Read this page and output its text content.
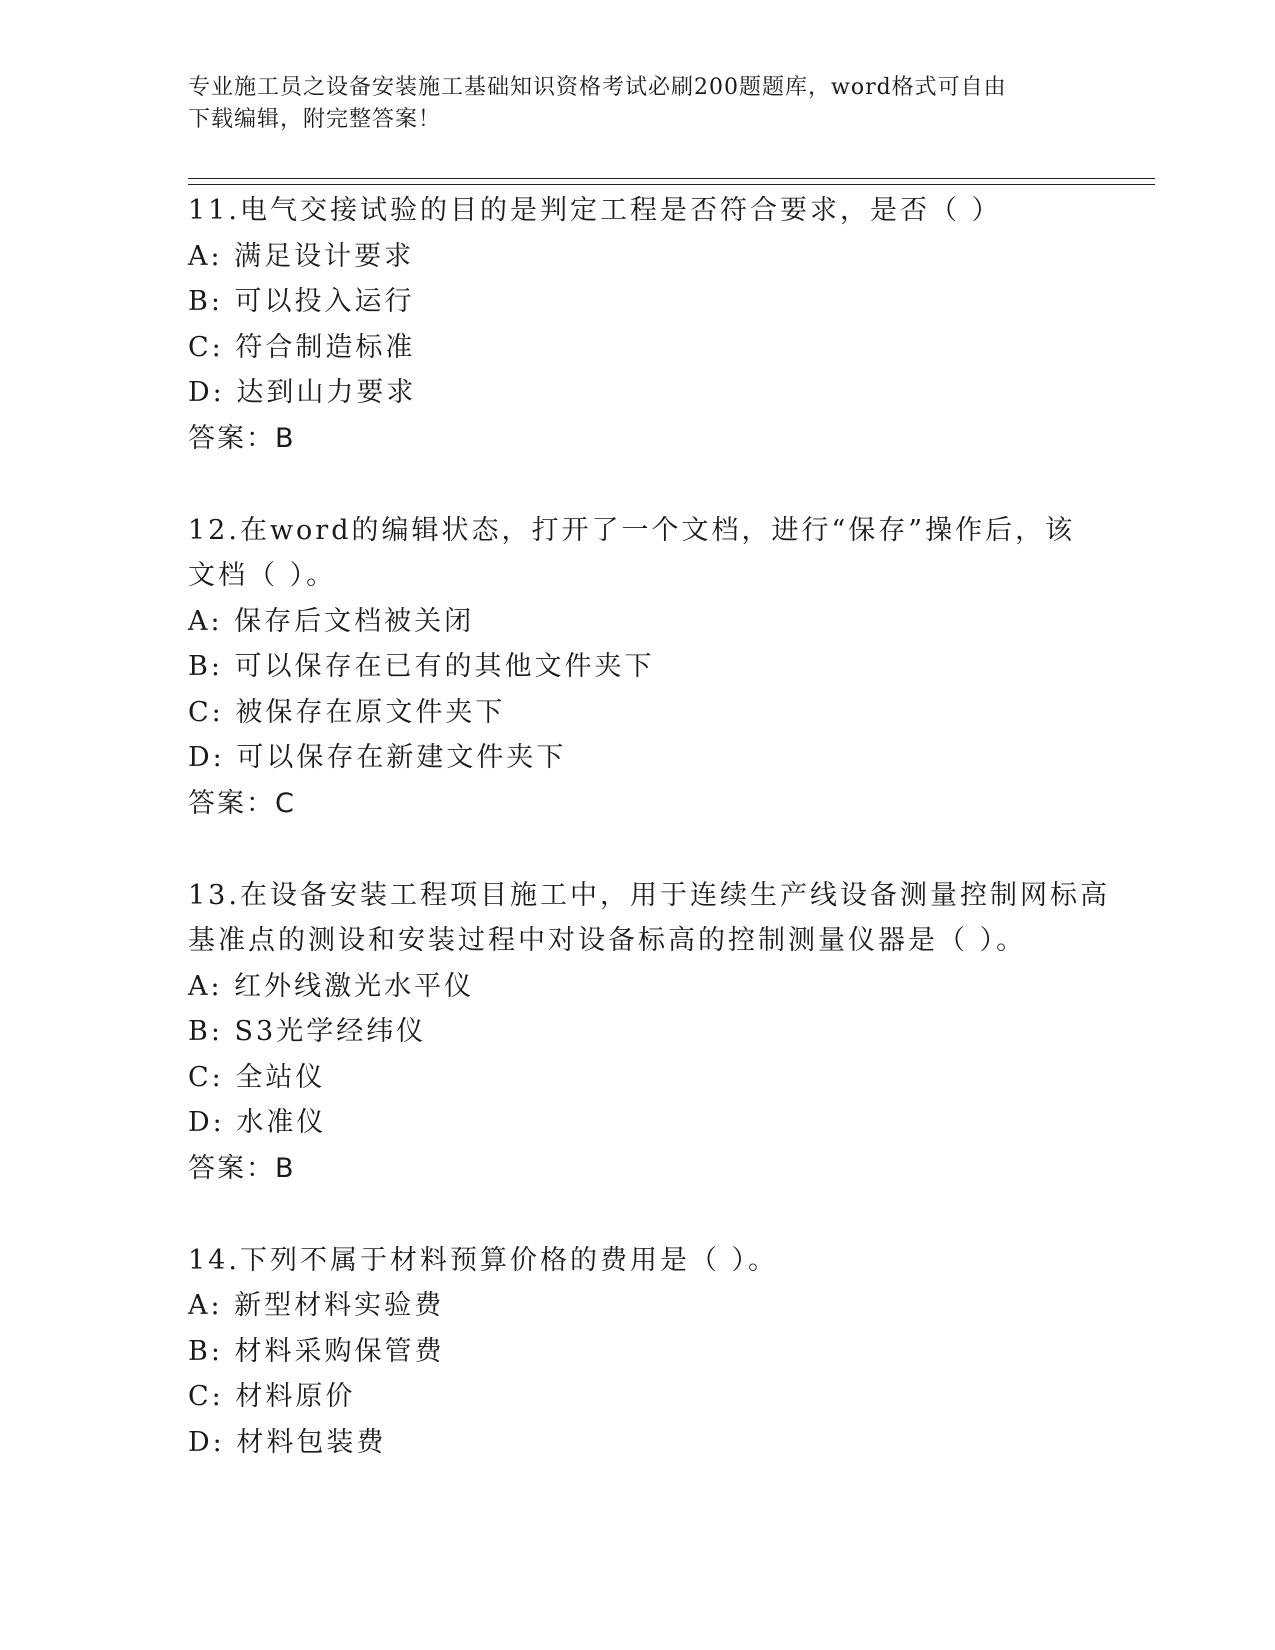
专业施工员之设备安装施工基础知识资格考试必刷200题题库，word格式可自由
下载编辑，附完整答案！
11.电气交接试验的目的是判定工程是否符合要求，是否（ ）
A: 满足设计要求
B: 可以投入运行
C: 符合制造标准
D: 达到山力要求
答案：B
12.在word的编辑状态，打开了一个文档，进行“保存”操作后，该
文档（ ）。
A: 保存后文档被关闭
B: 可以保存在已有的其他文件夹下
C: 被保存在原文件夹下
D: 可以保存在新建文件夹下
答案：C
13.在设备安装工程项目施工中，用于连续生产线设备测量控制网标高
基准点的测设和安装过程中对设备标高的控制测量仪器是（ ）。
A: 红外线激光水平仪
B: S3光学经纬仪
C: 全站仪
D: 水准仪
答案：B
14.下列不属于材料预算价格的费用是（ ）。
A: 新型材料实验费
B: 材料采购保管费
C: 材料原价
D: 材料包装费
